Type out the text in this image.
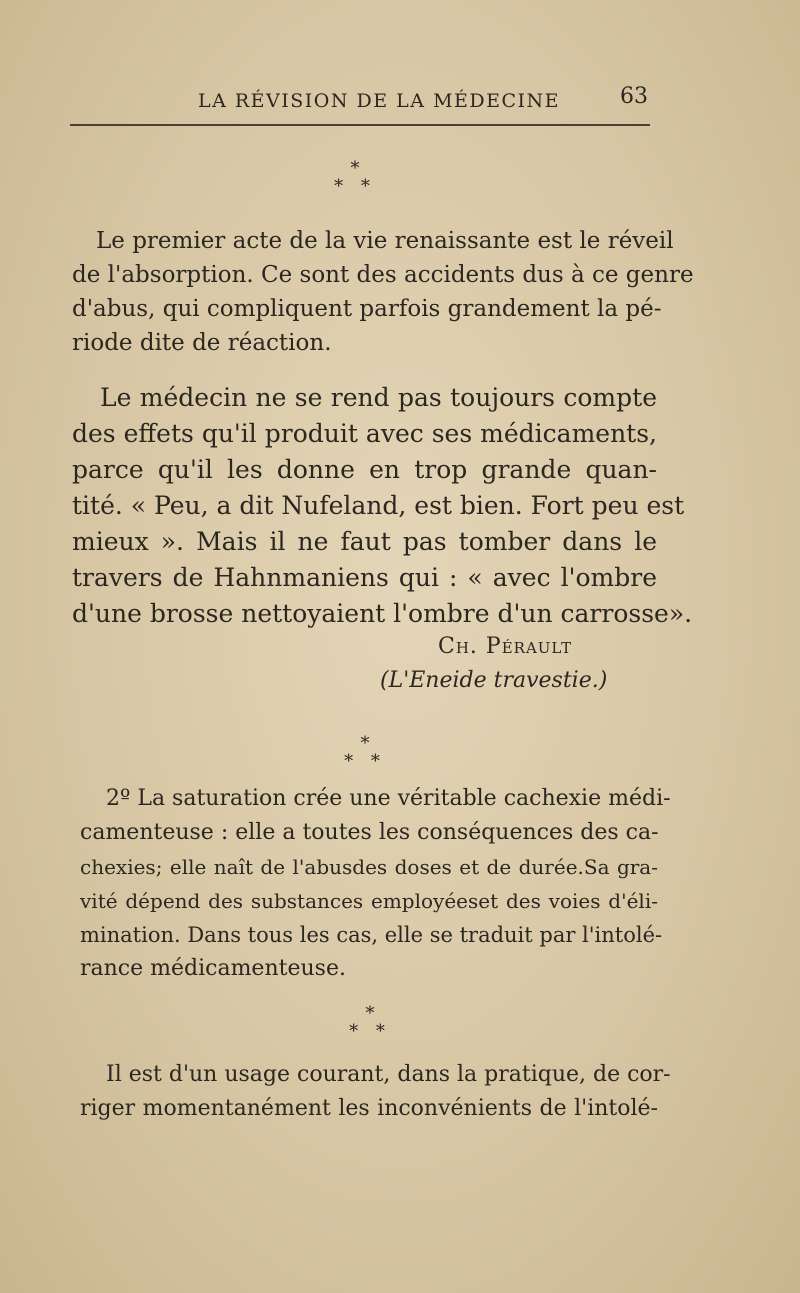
LA RÉVISION DE LA MÉDECINE	63
*
* *
Le premier acte de la vie renaissante est le réveil
de l'absorption. Ce sont des accidents dus à ce genre
d'abus, qui compliquent parfois grandement la pé-
riode dite de réaction.
Le médecin ne se rend pas toujours compte
des effets qu'il produit avec ses médicaments,
parce qu'il les donne en trop grande quan-
tité. « Peu, a dit Nufeland, est bien. Fort peu est
mieux ». Mais il ne faut pas tomber dans le
travers de Hahnmaniens qui : « avec l'ombre
d'une brosse nettoyaient l'ombre d'un carrosse».
Ch. Pérault
(L'Eneide travestie.)
*
* *
2º La saturation crée une véritable cachexie médi-
camenteuse : elle a toutes les conséquences des ca-
chexies; elle naît de l'abusdes doses et de durée.Sa gra-
vité dépend des substances employéeset des voies d'éli-
mination. Dans tous les cas, elle se traduit par l'intolé-
rance médicamenteuse.
*
* *
Il est d'un usage courant, dans la pratique, de cor-
riger momentanément les inconvénients de l'intolé-
